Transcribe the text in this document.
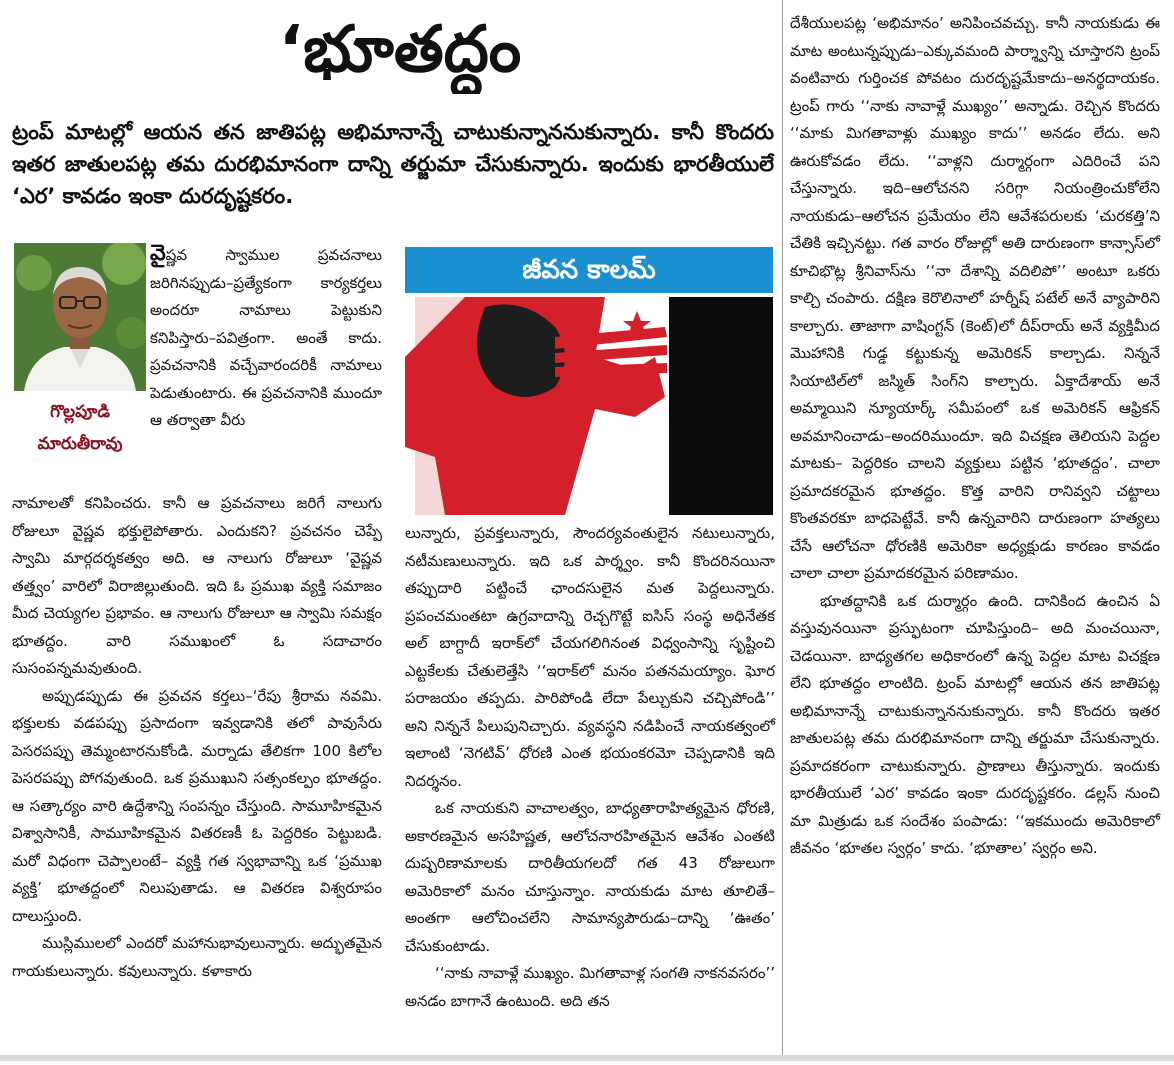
‘భూతద్దం

ట్రంప్ మాటల్లో ఆయన తన జాతిపట్ల అభిమానాన్నే చాటుకున్నాననుకున్నారు. కానీ కొందరు ఇతర జాతులపట్ల తమ దురభిమానంగా దాన్ని తర్జుమా చేసుకున్నారు. ఇందుకు భారతీయులే ‘ఎర’ కావడం ఇంకా దురదృష్టకరం.

గొల్లపూడి
మారుతీరావు
జీవన కాలమ్

వైష్ణవ స్వాముల ప్రవచనాలు జరిగినప్పుడు–ప్రత్యేకంగా కార్యకర్తలు అందరూ నామాలు పెట్టుకుని కనిపిస్తారు–పవిత్రంగా. అంతే కాదు. ప్రవచనానికి వచ్చేవారందరికీ నామాలు పెడుతుంటారు. ఈ ప్రవచనానికి ముందూ ఆ తర్వాతా వీరు

నామాలతో కనిపించరు. కానీ ఆ ప్రవచనాలు జరిగే నాలుగు రోజులూ వైష్ణవ భక్తులైపోతారు. ఎందుకని? ప్రవచనం చెప్పే స్వామి మార్గదర్శకత్వం అది. ఆ నాలుగు రోజులూ ‘వైష్ణవ తత్త్వం’ వారిలో విరాజిల్లుతుంది. ఇది ఓ ప్రముఖ వ్యక్తి సమాజం మీద చెయ్యగల ప్రభావం. ఆ నాలుగు రోజులూ ఆ స్వామి సమక్షం భూతద్దం. వారి సముఖంలో ఓ సదాచారం సుసంపన్నమవుతుంది.

అప్పుడప్పుడు ఈ ప్రవచన కర్తలు–‘రేపు శ్రీరామ నవమి. భక్తులకు వడపప్పు ప్రసాదంగా ఇవ్వడానికి తలో పావుసేరు పెసరపప్పు తెమ్మంటారనుకోండి. మర్నాడు తేలికగా 100 కిలోల పెసరపప్పు పోగవుతుంది. ఒక ప్రముఖుని సత్సంకల్పం భూతద్దం. ఆ సత్కార్యం వారి ఉద్దేశాన్ని సంపన్నం చేస్తుంది. సామూహికమైన విశ్వాసానికీ, సామూహికమైన వితరణకీ ఓ పెద్దరికం పెట్టుబడి. మరో విధంగా చెప్పాలంటే– వ్యక్తి గత స్వభావాన్ని ఒక ‘ప్రముఖ వ్యక్తి’ భూతద్దంలో నిలుపుతాడు. ఆ వితరణ విశ్వరూపం దాలుస్తుంది.

ముస్లిములలో ఎందరో మహానుభావులున్నారు. అద్భుతమైన గాయకులున్నారు. కవులున్నారు. కళాకారు

లున్నారు, ప్రవక్తలున్నారు, సౌందర్యవంతులైన నటులున్నారు, నటీమణులున్నారు. ఇది ఒక పార్శ్వం. కానీ కొందరినయినా తప్పుదారి పట్టించే ఛాందసులైన మత పెద్దలున్నారు. ప్రపంచమంతటా ఉగ్రవాదాన్ని రెచ్చగొట్టే ఐసిస్ సంస్థ అధినేతక అల్ బాగ్దాదీ ఇరాక్‌లో చేయగలిగినంత విధ్వంసాన్ని సృష్టించి ఎట్టకేలకు చేతులెత్తేసి ‘‘ఇరాక్‌లో మనం పతనమయ్యాం. ఘోర పరాజయం తప్పదు. పారిపోండి లేదా పేల్చుకుని చచ్చిపోండి’’ అని నిన్ననే పిలుపునిచ్చారు. వ్యవస్థని నడిపించే నాయకత్వంలో ఇలాంటి ‘నెగటివ్’ ధోరణి ఎంత భయంకరమో చెప్పడానికి ఇది నిదర్శనం.

ఒక నాయకుని వాచాలత్వం, బాధ్యతారాహిత్యమైన ధోరణి, అకారణమైన అసహిష్ణత, ఆలోచనారహితమైన ఆవేశం ఎంతటి దుష్పరిణామాలకు దారితీయగలదో గత 43 రోజులుగా అమెరికాలో మనం చూస్తున్నాం. నాయకుడు మాట తూలితే–అంతగా ఆలోచించలేని సామాన్యపౌరుడు–దాన్ని ‘ఊతం’ చేసుకుంటాడు.

‘‘నాకు నావాళ్లే ముఖ్యం. మిగతావాళ్ల సంగతి నాకనవసరం’’ అనడం బాగానే ఉంటుంది. అది తన

దేశీయులపట్ల ‘అభిమానం’ అనిపించవచ్చు. కానీ నాయకుడు ఈ మాట అంటున్నప్పుడు–ఎక్కువమంది పార్శ్వాన్ని చూస్తారని ట్రంప్ వంటివారు గుర్తించక పోవటం దురదృష్టమేకాదు–అనర్థదాయకం. ట్రంప్ గారు ‘‘నాకు నావాళ్లే ముఖ్యం’’ అన్నాడు. రెచ్చిన కొందరు ‘‘మాకు మిగతావాళ్లు ముఖ్యం కాదు’’ అనడం లేదు. అని ఊరుకోవడం లేదు. ‘‘వాళ్లని దుర్మార్గంగా ఎదిరించే పని చేస్తున్నారు. ఇది–ఆలోచనని సరిగ్గా నియంత్రించుకోలేని నాయకుడు–ఆలోచన ప్రమేయం లేని ఆవేశపరులకు ‘చురకత్తి’ని చేతికి ఇచ్చినట్టు. గత వారం రోజుల్లో అతి దారుణంగా కాన్సాస్‌లో కూచిభొట్ల శ్రీనివాస్‌ను ‘‘నా దేశాన్ని వదిలిపో’’ అంటూ ఒకరు కాల్చి చంపారు. దక్షిణ కెరొలినాలో హర్నీష్ పటేల్ అనే వ్యాపారిని కాల్చారు. తాజాగా వాషింగ్టన్ (కెంట్)లో దీప్‌రాయ్ అనే వ్యక్తిమీద మొహానికి గుడ్డ కట్టుకున్న అమెరికన్ కాల్చాడు. నిన్ననే సియాటిల్‌లో జస్మిత్ సింగ్‌ని కాల్చారు. ఏక్తాదేశాయ్ అనే అమ్మాయిని న్యూయార్క్ సమీపంలో ఒక అమెరికన్ ఆఫ్రికన్ అవమానించాడు–అందరిముందూ. ఇది విచక్షణ తెలియని పెద్దల మాటకు– పెద్దరికం చాలని వ్యక్తులు పట్టిన ‘భూతద్దం’. చాలా ప్రమాదకరమైన భూతద్దం. కొత్త వారిని రానివ్వని చట్టాలు కొంతవరకూ బాధపెట్టేవే. కానీ ఉన్నవారిని దారుణంగా హత్యలు చేసే ఆలోచనా ధోరణికి అమెరికా అధ్యక్షుడు కారణం కావడం చాలా చాలా ప్రమాదకరమైన పరిణామం.

భూతద్దానికి ఒక దుర్మార్గం ఉంది. దానికింద ఉంచిన ఏ వస్తువునయినా ప్రస్ఫుటంగా చూపిస్తుంది– అది మంచయినా, చెడయినా. బాధ్యతగల అధికారంలో ఉన్న పెద్దల మాట విచక్షణ లేని భూతద్దం లాంటిది. ట్రంప్ మాటల్లో ఆయన తన జాతిపట్ల అభిమానాన్నే చాటుకున్నాననుకున్నారు. కానీ కొందరు ఇతర జాతులపట్ల తమ దురభిమానంగా దాన్ని తర్జుమా చేసుకున్నారు. ప్రమాదకరంగా చాటుకున్నారు. ప్రాణాలు తీస్తున్నారు. ఇందుకు భారతీయులే ‘ఎర’ కావడం ఇంకా దురదృష్టకరం. డల్లస్ నుంచి మా మిత్రుడు ఒక సందేశం పంపాడు: ‘‘ఇకముందు అమెరికాలో జీవనం ‘భూతల స్వర్గం’ కాదు. ‘భూతాల’ స్వర్గం అని.
